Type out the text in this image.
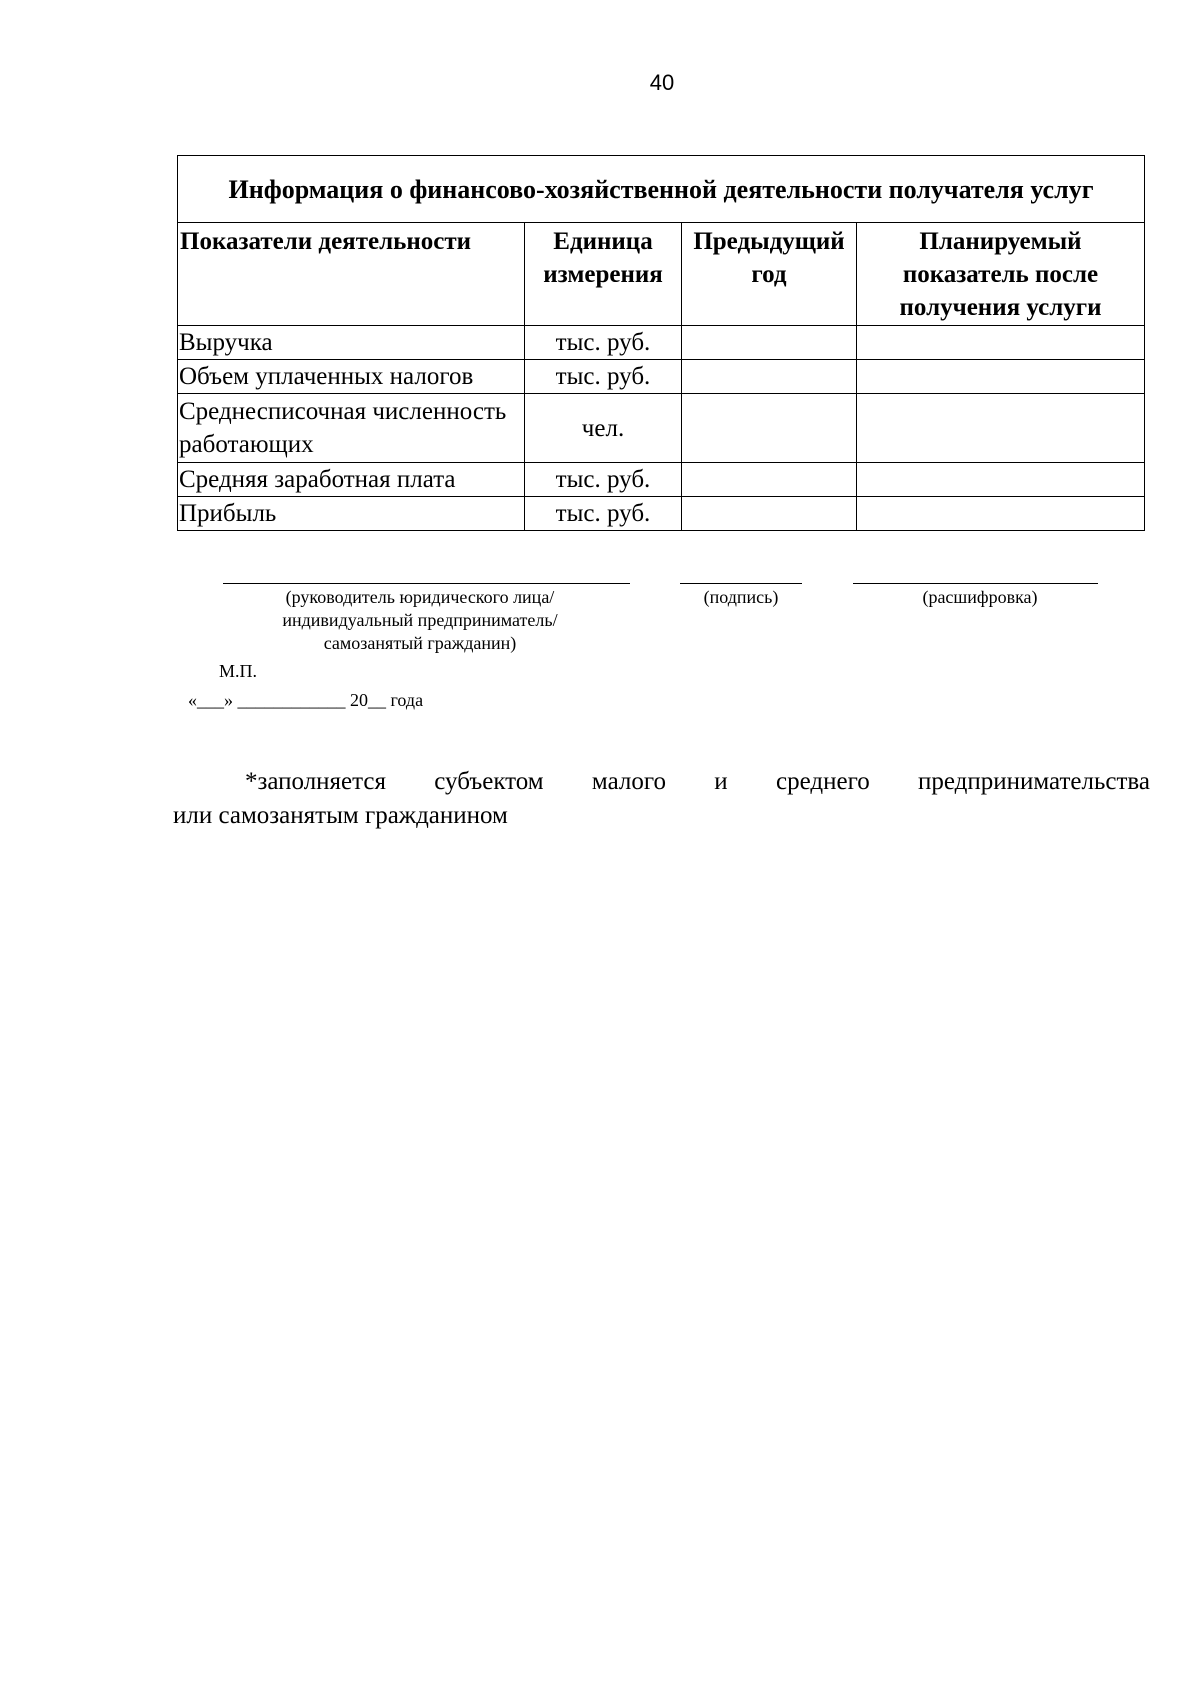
40
Информация о финансово-хозяйственной деятельности получателя услуг			
Показатели деятельности	Единица измерения	Предыдущий год	Планируемый показатель после получения услуги
Выручка	тыс. руб.		
Объем уплаченных налогов	тыс. руб.		
Среднесписочная численность работающих	чел.		
Средняя заработная плата	тыс. руб.		
Прибыль	тыс. руб.		
(руководитель юридического лица/
индивидуальный предприниматель/
самозанятый гражданин)
(подпись)	(расшифровка)
М.П.
«___» ____________ 20__ года
*заполняется субъектом малого и среднего предпринимательства
или самозанятым гражданином
